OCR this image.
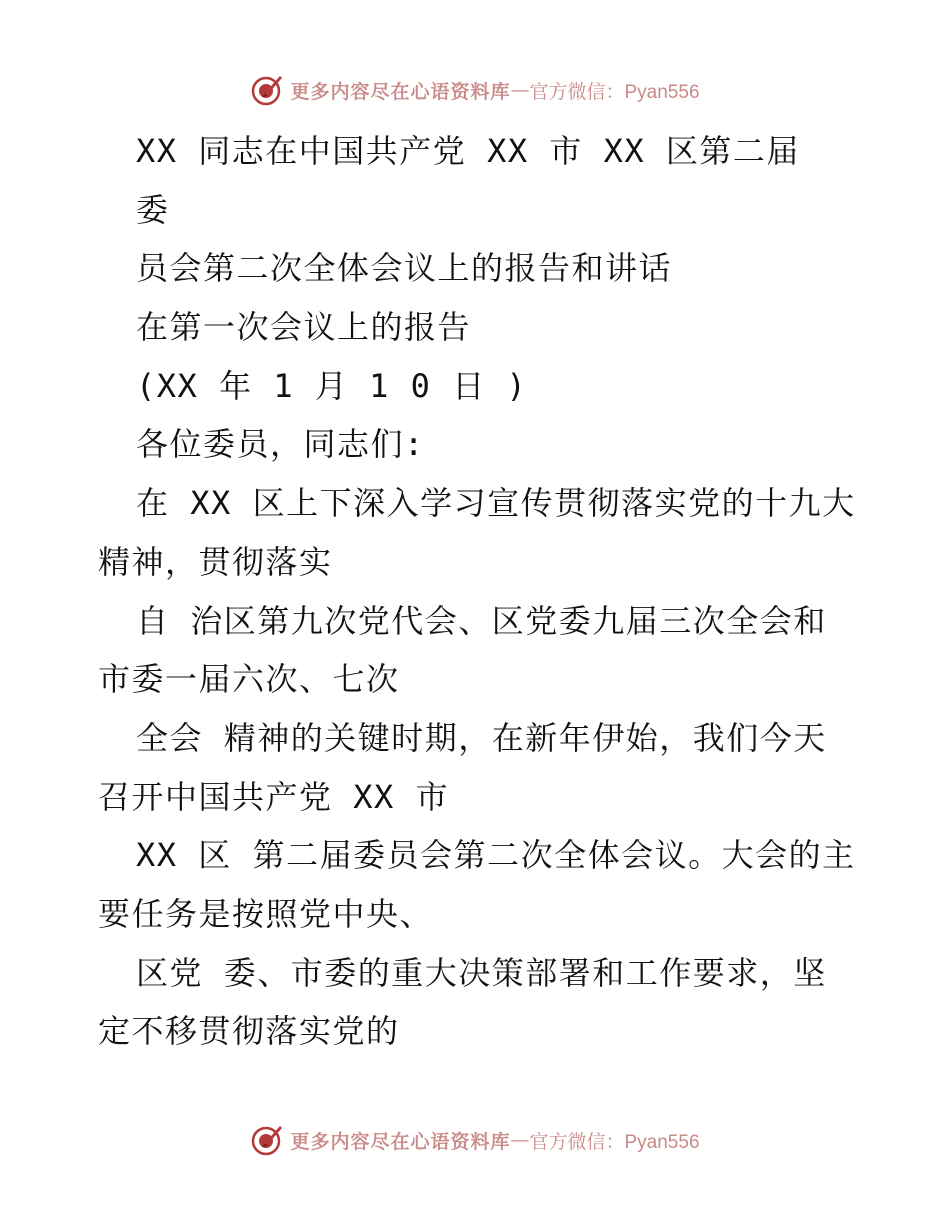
更多内容尽在心语资料库 — 官方微信：Pyan556
XX 同志在中国共产党 XX 市 XX 区第二届
委
员会第二次全体会议上的报告和讲话
在第一次会议上的报告
(XX 年 1 月 1 0 日 )
各位委员，同志们:
在 XX 区上下深入学习宣传贯彻落实党的十九大
精神，贯彻落实
自 治区第九次党代会、区党委九届三次全会和
市委一届六次、七次
全会 精神的关键时期，在新年伊始，我们今天
召开中国共产党 XX 市
XX 区 第二届委员会第二次全体会议。大会的主
要任务是按照党中央、
区党 委、市委的重大决策部署和工作要求，坚
定不移贯彻落实党的
更多内容尽在心语资料库 — 官方微信：Pyan556
